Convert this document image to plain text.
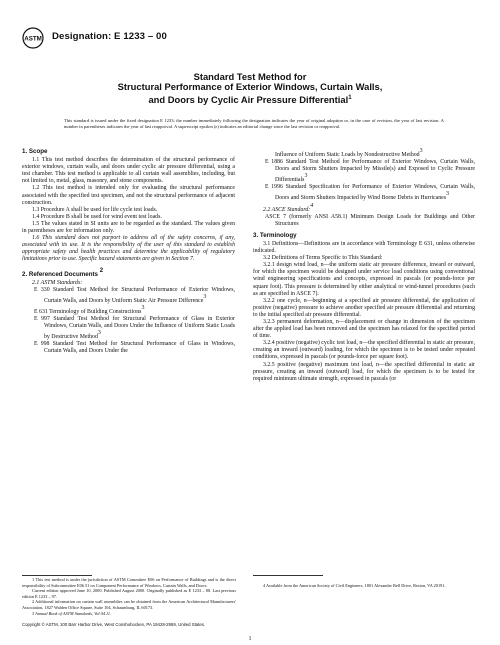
ASTM Designation: E 1233 – 00

Standard Test Method for

Structural Performance of Exterior Windows, Curtain Walls,

and Doors by Cyclic Air Pressure Differential$^1$

This standard is issued under the fixed designation E 1233; the number immediately following the designation indicates the year of original adoption or, in the case of revision, the year of last revision. A number in parentheses indicates the year of last reapproval. A superscript epsilon (ε) indicates an editorial change since the last revision or reapproval.

1. Scope

1.1 This test method describes the determination of the structural performance of exterior windows, curtain walls, and doors under cyclic air pressure differential, using a test chamber. This test method is applicable to all curtain wall assemblies, including, but not limited to, metal, glass, masonry, and stone components.

1.2 This test method is intended only for evaluating the structural performance associated with the specified test specimen, and not the structural performance of adjacent construction.

1.3 Procedure A shall be used for life cycle test loads.

1.4 Procedure B shall be used for wind event test loads.

1.5 The values stated in SI units are to be regarded as the standard. The values given in parentheses are for information only.

1.6 This standard does not purport to address all of the safety concerns, if any, associated with its use. It is the responsibility of the user of this standard to establish appropriate safety and health practices and determine the applicability of regulatory limitations prior to use. Specific hazard statements are given in Section 7.

2. Referenced Documents 2

2.1 ASTM Standards:

E 330 Standard Test Method for Structural Performance of Exterior Windows, Curtain Walls, and Doors by Uniform Static Air Pressure Difference3

E 631 Terminology of Building Constructions3

E 997 Standard Test Method for Structural Performance of Glass in Exterior Windows, Curtain Walls, and Doors Under the Influence of Uniform Static Loads by Destructive Method3

E 998 Standard Test Method for Structural Performance of Glass in Windows, Curtain Walls, and Doors Under the

Influence of Uniform Static Loads by Nondestructive Method3

E 1886 Standard Test Method for Performance of Exterior Windows, Curtain Walls, Doors and Storm Shutters Impacted by Missile(s) and Exposed to Cyclic Pressure Differentials3

E 1996 Standard Specification for Performance of Exterior Windows, Curtain Walls, Doors and Storm Shutters Impacted by Wind Borne Debris in Hurricanes3

2.2 ASCE Standard:4

ASCE 7 (formerly ANSI A58.1) Minimum Design Loads for Buildings and Other Structures

3. Terminology

3.1 Definitions—Definitions are in accordance with Terminology E 631, unless otherwise indicated.

3.2 Definitions of Terms Specific to This Standard:

3.2.1 design wind load, n—the uniform static air pressure difference, inward or outward, for which the specimen would be designed under service load conditions using conventional wind engineering specifications and concepts, expressed in pascals (or pounds-force per square foot). This pressure is determined by either analytical or wind-tunnel procedures (such as are specified in ASCE 7).

3.2.2 one cycle, n—beginning at a specified air pressure differential, the application of positive (negative) pressure to achieve another specified air pressure differential and returning to the initial specified air pressure differential.

3.2.3 permanent deformation, n—displacement or change in dimension of the specimen after the applied load has been removed and the specimen has relaxed for the specified period of time.

3.2.4 positive (negative) cyclic test load, n—the specified differential in static air pressure, creating an inward (outward) loading, for which the specimen is to be tested under repeated conditions, expressed in pascals (or pounds-force per square foot).

3.2.5 positive (negative) maximum test load, n—the specified differential in static air pressure, creating an inward (outward) load, for which the specimen is to be tested for required minimum ultimate strength, expressed in pascals (or

1 This test method is under the jurisdiction of ASTM Committee E06 on Performance of Buildings and is the direct responsibility of Subcommittee E06.51 on Component Performance of Windows, Curtain Walls, and Doors.

Current edition approved June 10, 2000. Published August 2000. Originally published as E 1233 – 88. Last previous edition E 1233 – 97.

2 Additional information on curtain wall assemblies can be obtained from the American Architectural Manufacturers' Association, 1827 Walden Office Square, Suite 104, Schaumburg, IL 60173.

3 Annual Book of ASTM Standards, Vol 04.11.

4 Available from the American Society of Civil Engineers, 1801 Alexander Bell Drive, Reston, VA 20191.

Copyright © ASTM, 100 Barr Harbor Drive, West Conshohocken, PA 19428-2959, United States.
1
